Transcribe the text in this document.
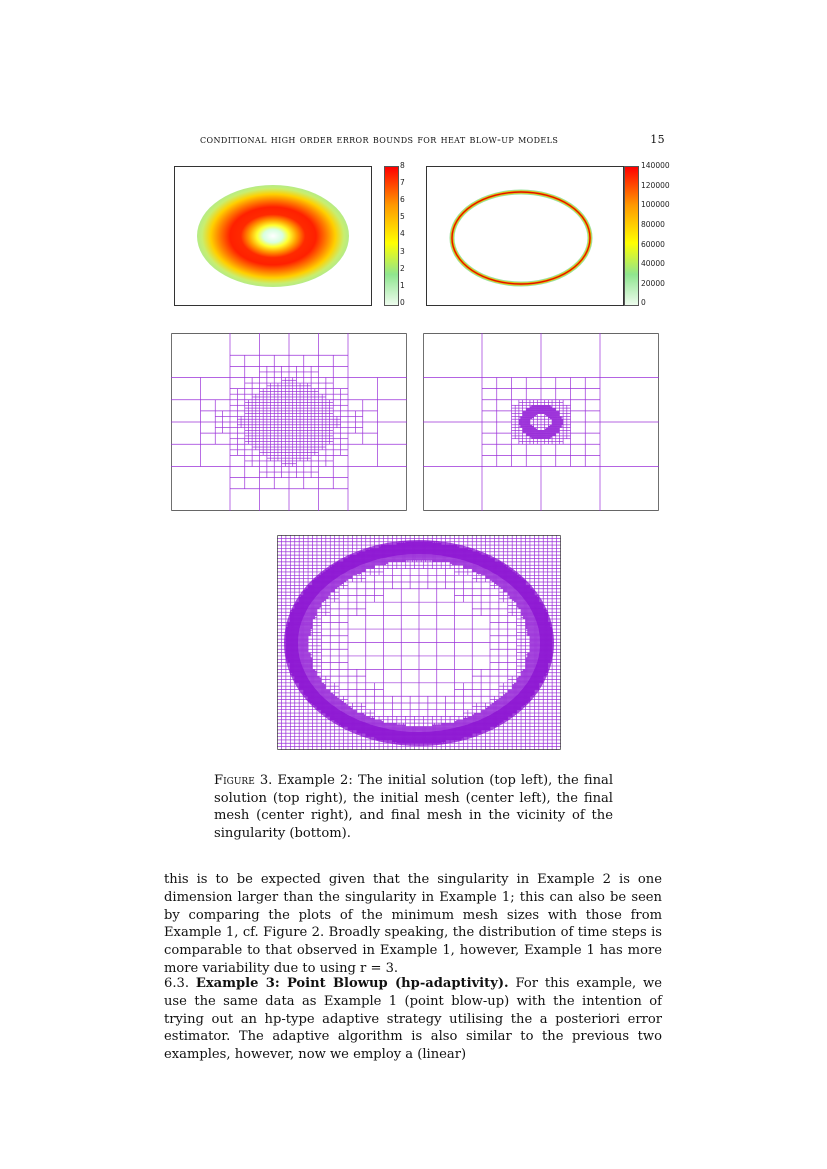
conditional high order error bounds for heat blow-up models	15
8
7
6
5
4
3
2
1
0
140000
120000
100000
80000
60000
40000
20000
0
Figure 3. Example 2: The initial solution (top left), the final solution (top right), the initial mesh (center left), the final mesh (center right), and final mesh in the vicinity of the singularity (bottom).
this is to be expected given that the singularity in Example 2 is one dimension larger than the singularity in Example 1; this can also be seen by comparing the plots of the minimum mesh sizes with those from Example 1, cf. Figure 2. Broadly speaking, the distribution of time steps is comparable to that observed in Example 1, however, Example 1 has more more variability due to using r = 3.
6.3. Example 3: Point Blowup (hp-adaptivity). For this example, we use the same data as Example 1 (point blow-up) with the intention of trying out an hp-type adaptive strategy utilising the a posteriori error estimator. The adaptive algorithm is also similar to the previous two examples, however, now we employ a (linear)
